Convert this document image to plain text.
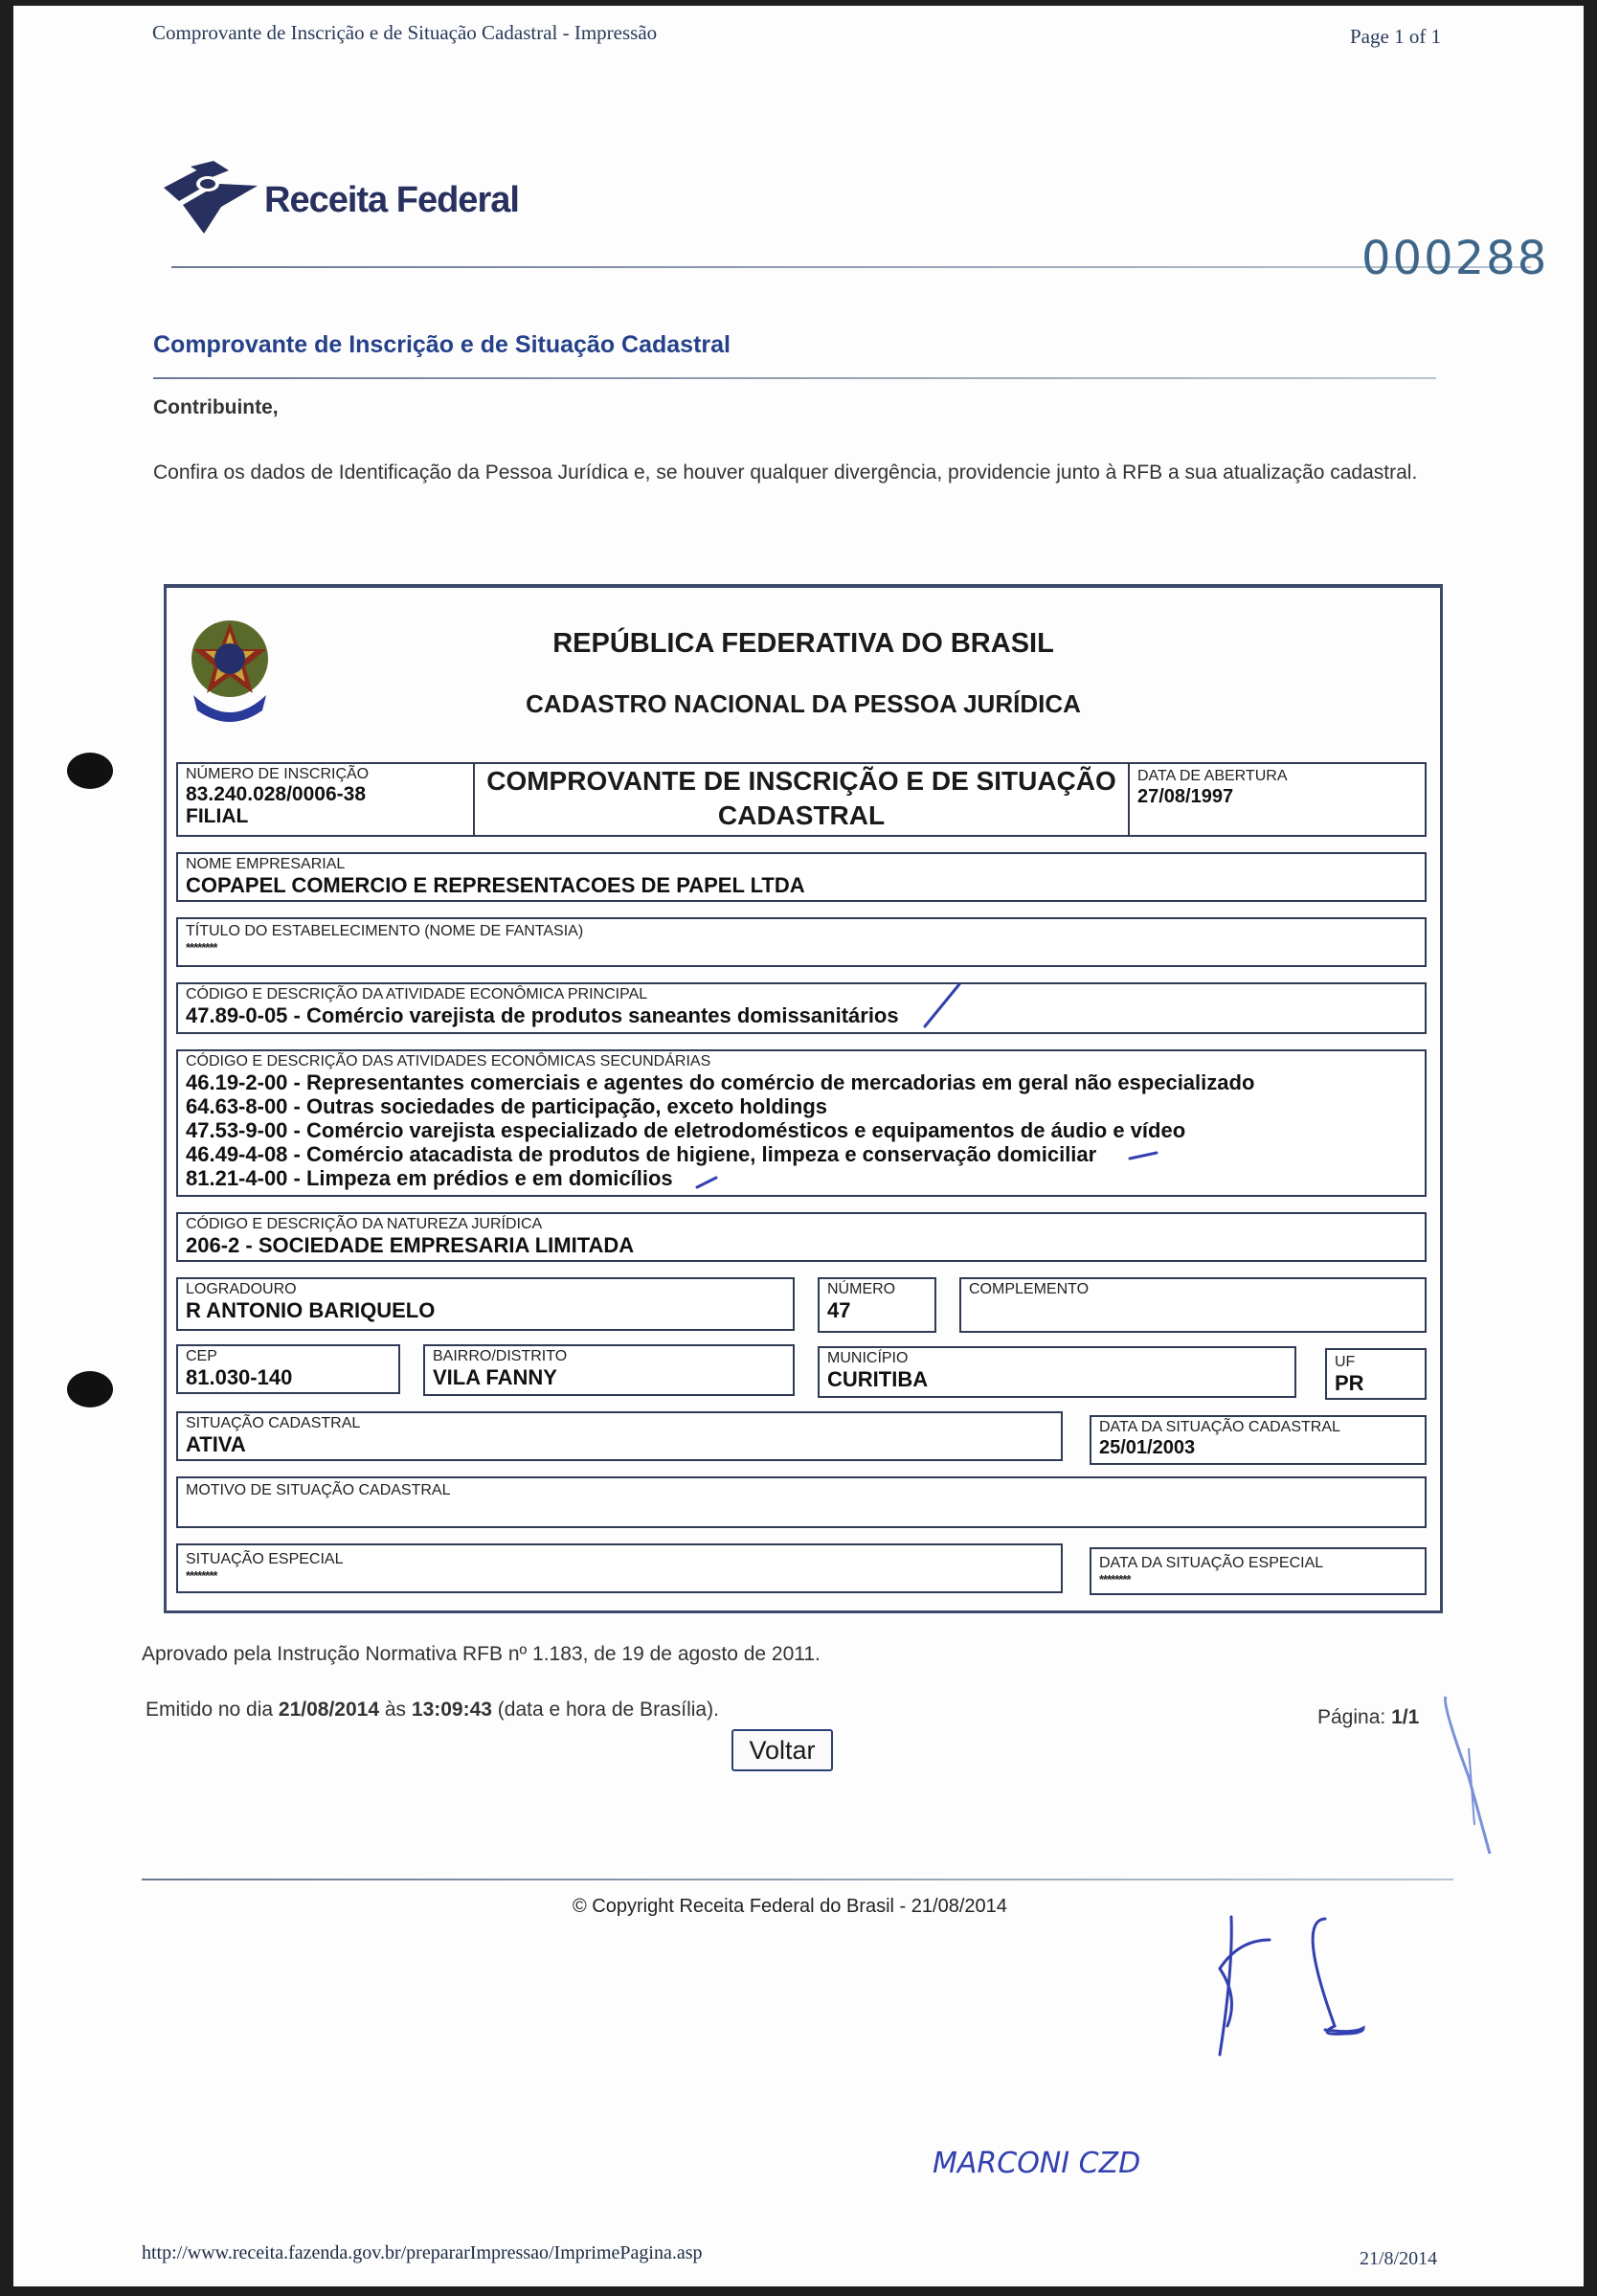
Comprovante de Inscrição e de Situação Cadastral - Impressão	Page 1 of 1
Receita Federal
000288
Comprovante de Inscrição e de Situação Cadastral
Contribuinte,
Confira os dados de Identificação da Pessoa Jurídica e, se houver qualquer divergência, providencie junto à RFB a sua atualização cadastral.
REPÚBLICA FEDERATIVA DO BRASIL
CADASTRO NACIONAL DA PESSOA JURÍDICA
NÚMERO DE INSCRIÇÃO
83.240.028/0006-38
FILIAL
COMPROVANTE DE INSCRIÇÃO E DE SITUAÇÃO CADASTRAL
DATA DE ABERTURA
27/08/1997
NOME EMPRESARIAL
COPAPEL COMERCIO E REPRESENTACOES DE PAPEL LTDA
TÍTULO DO ESTABELECIMENTO (NOME DE FANTASIA)
********
CÓDIGO E DESCRIÇÃO DA ATIVIDADE ECONÔMICA PRINCIPAL
47.89-0-05 - Comércio varejista de produtos saneantes domissanitários
CÓDIGO E DESCRIÇÃO DAS ATIVIDADES ECONÔMICAS SECUNDÁRIAS
46.19-2-00 - Representantes comerciais e agentes do comércio de mercadorias em geral não especializado
64.63-8-00 - Outras sociedades de participação, exceto holdings
47.53-9-00 - Comércio varejista especializado de eletrodomésticos e equipamentos de áudio e vídeo
46.49-4-08 - Comércio atacadista de produtos de higiene, limpeza e conservação domiciliar
81.21-4-00 - Limpeza em prédios e em domicílios
CÓDIGO E DESCRIÇÃO DA NATUREZA JURÍDICA
206-2 - SOCIEDADE EMPRESARIA LIMITADA
LOGRADOURO
R ANTONIO BARIQUELO
NÚMERO
47
COMPLEMENTO
CEP
81.030-140
BAIRRO/DISTRITO
VILA FANNY
MUNICÍPIO
CURITIBA
UF
PR
SITUAÇÃO CADASTRAL
ATIVA
DATA DA SITUAÇÃO CADASTRAL
25/01/2003
MOTIVO DE SITUAÇÃO CADASTRAL
SITUAÇÃO ESPECIAL
********
DATA DA SITUAÇÃO ESPECIAL
********
Aprovado pela Instrução Normativa RFB nº 1.183, de 19 de agosto de 2011.
Emitido no dia 21/08/2014 às 13:09:43 (data e hora de Brasília).	Página: 1/1
Voltar
© Copyright Receita Federal do Brasil - 21/08/2014
MARCONI CZD
http://www.receita.fazenda.gov.br/prepararImpressao/ImprimePagina.asp	21/8/2014
